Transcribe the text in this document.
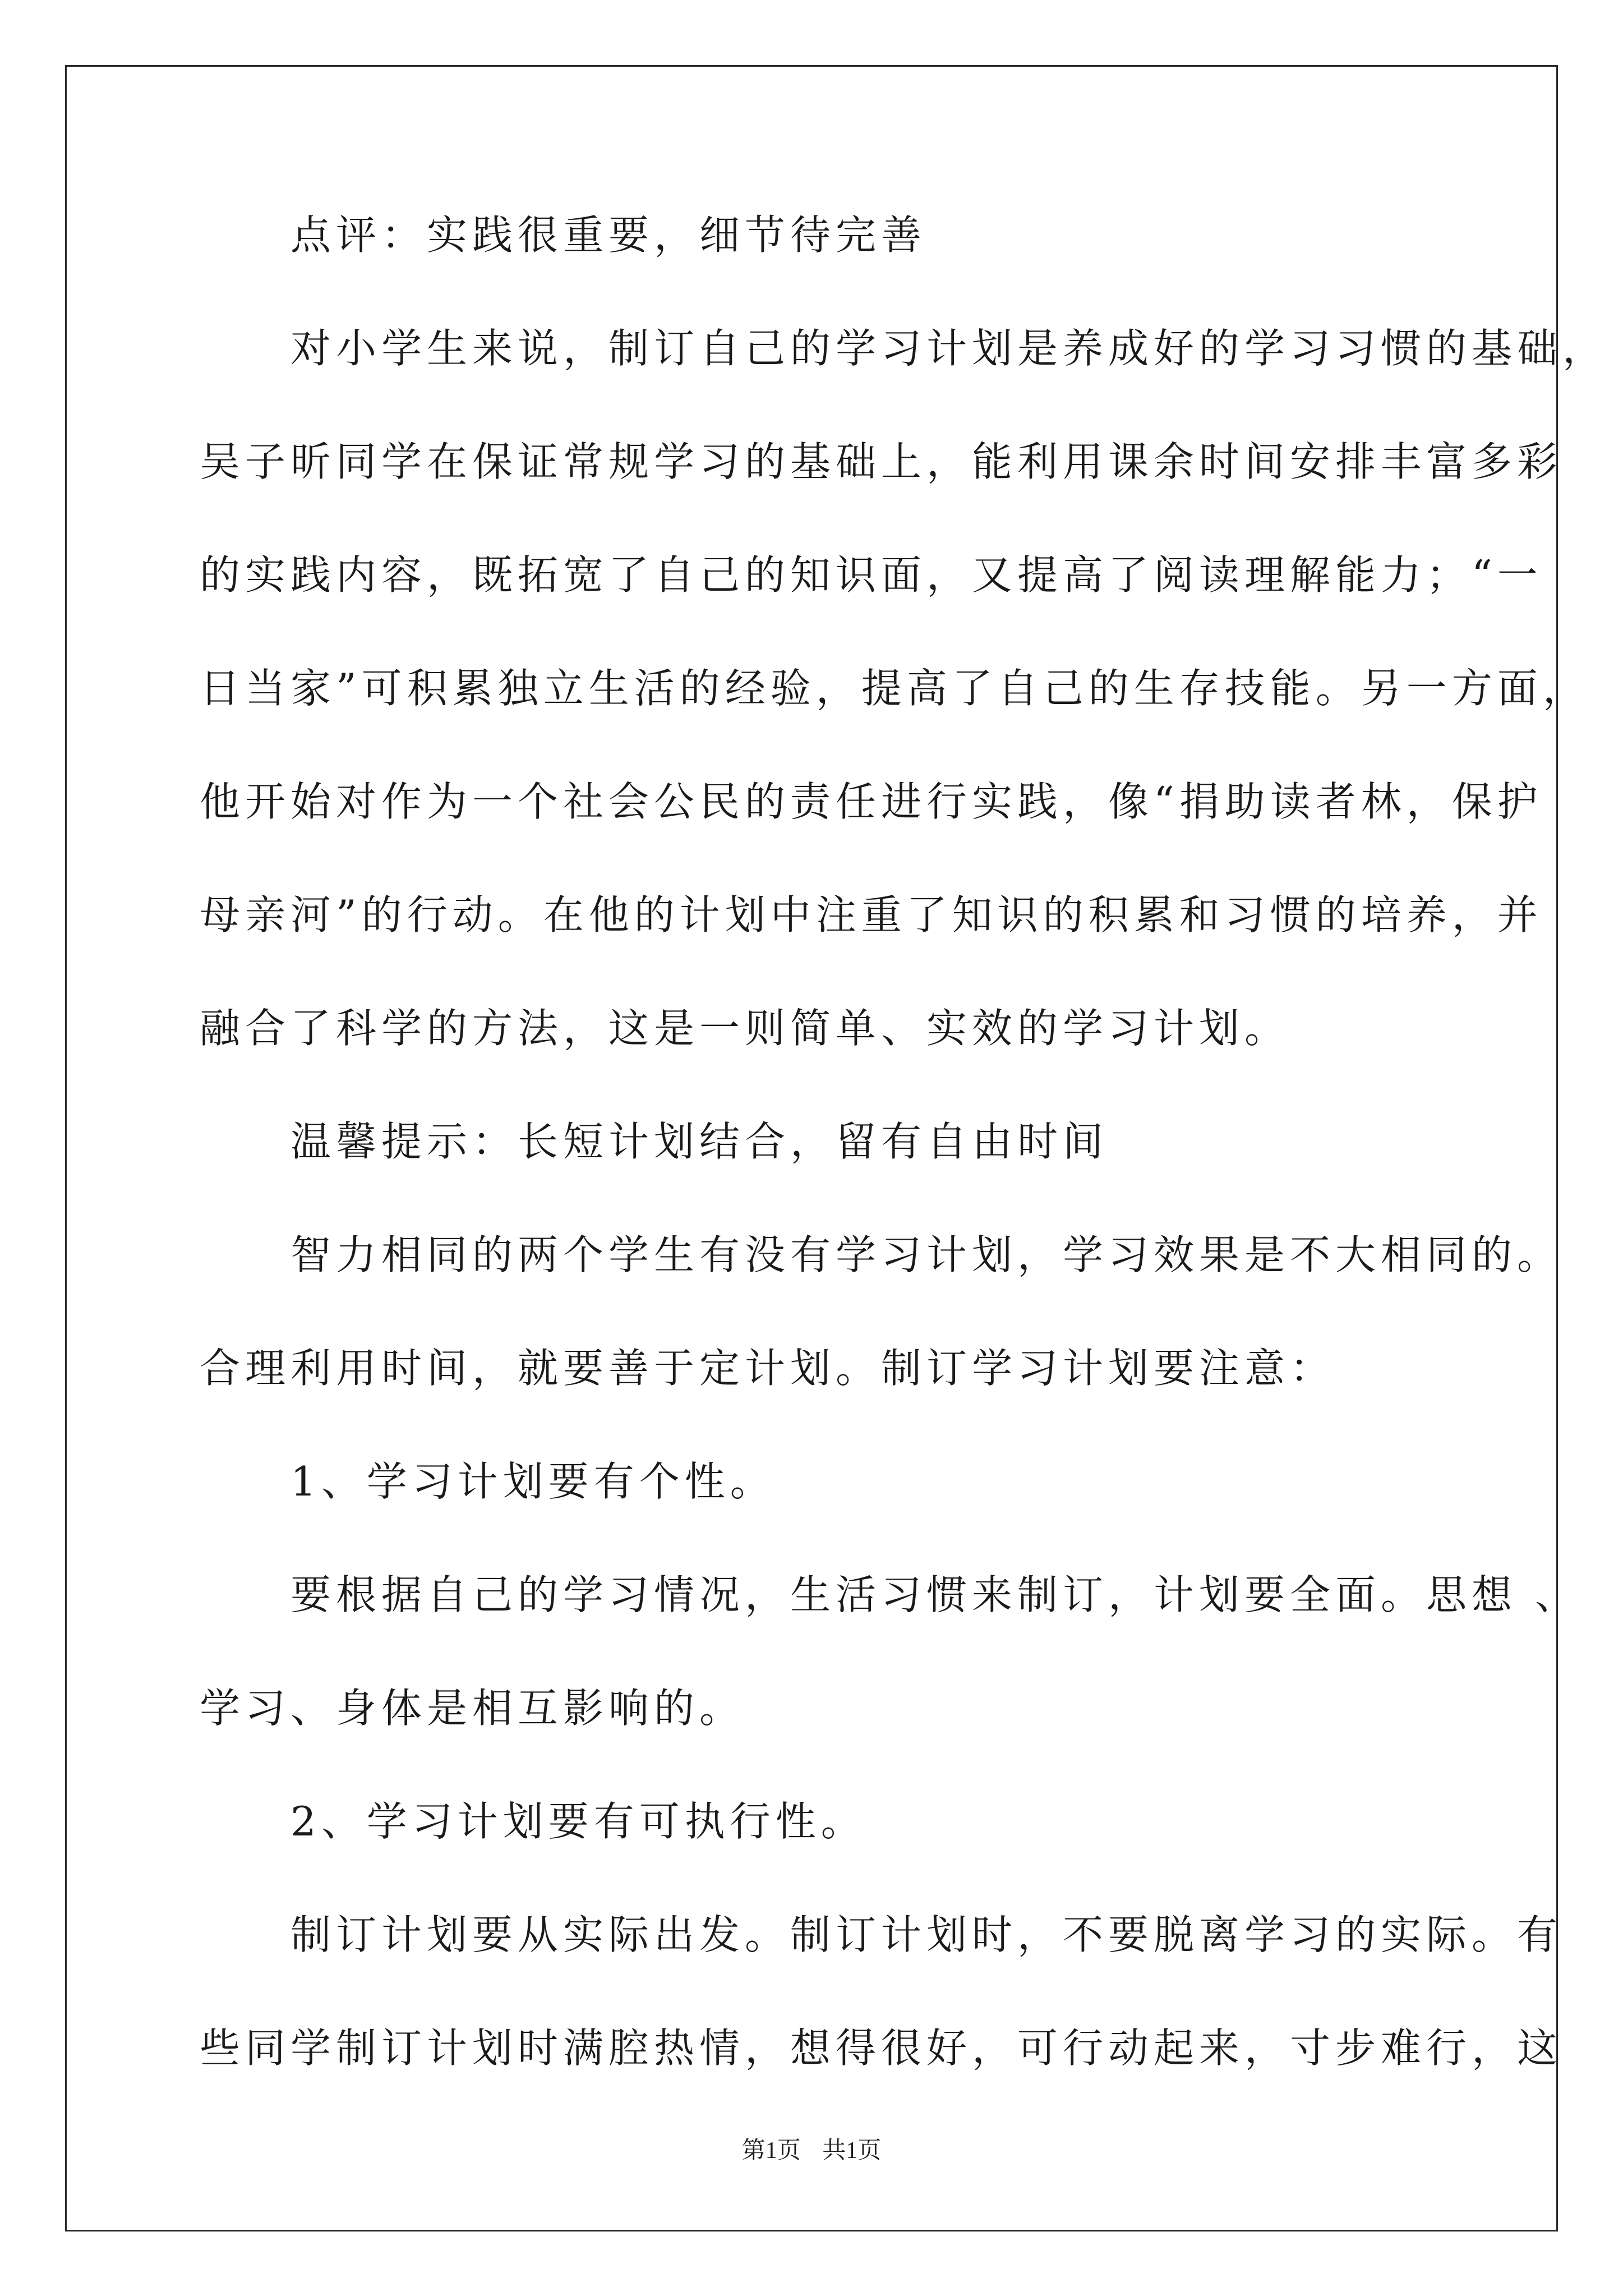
　　点评：实践很重要，细节待完善

　　对小学生来说，制订自己的学习计划是养成好的学习习惯的基础，

吴子昕同学在保证常规学习的基础上，能利用课余时间安排丰富多彩

的实践内容，既拓宽了自己的知识面，又提高了阅读理解能力；“一

日当家”可积累独立生活的经验，提高了自己的生存技能。另一方面，

他开始对作为一个社会公民的责任进行实践，像“捐助读者林，保护

母亲河”的行动。在他的计划中注重了知识的积累和习惯的培养，并

融合了科学的方法，这是一则简单、实效的学习计划。

　　温馨提示：长短计划结合，留有自由时间

　　智力相同的两个学生有没有学习计划，学习效果是不大相同的。

合理利用时间，就要善于定计划。制订学习计划要注意：

　　1、学习计划要有个性。

　　要根据自己的学习情况，生活习惯来制订，计划要全面。思想 、

学习、身体是相互影响的。

　　2、学习计划要有可执行性。

　　制订计划要从实际出发。制订计划时，不要脱离学习的实际。有

些同学制订计划时满腔热情，想得很好，可行动起来，寸步难行，这

第1页 共1页
